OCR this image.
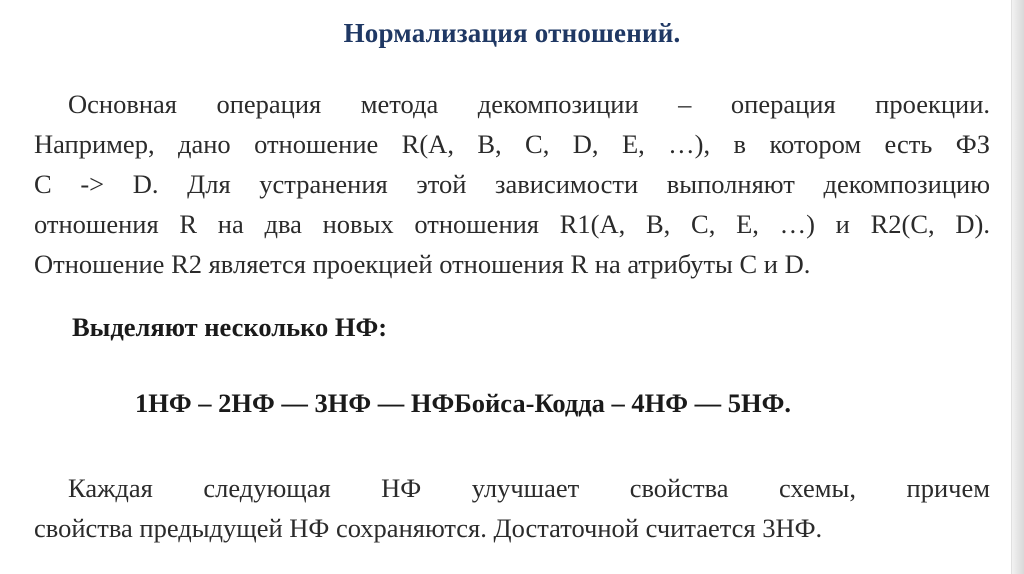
Нормализация отношений.
Основная операция метода декомпозиции – операция проекции.
Например, дано отношение R(A, B, C, D, E, …), в котором есть ФЗ
C -> D. Для устранения этой зависимости выполняют декомпозицию
отношения R на два новых отношения R1(A, B, C, E, …) и R2(C, D).
Отношение R2 является проекцией отношения R на атрибуты C и D.
Выделяют несколько НФ:
1НФ – 2НФ — 3НФ — НФБойса-Кодда – 4НФ — 5НФ.
Каждая следующая НФ улучшает свойства схемы, причем
свойства предыдущей НФ сохраняются. Достаточной считается 3НФ.
